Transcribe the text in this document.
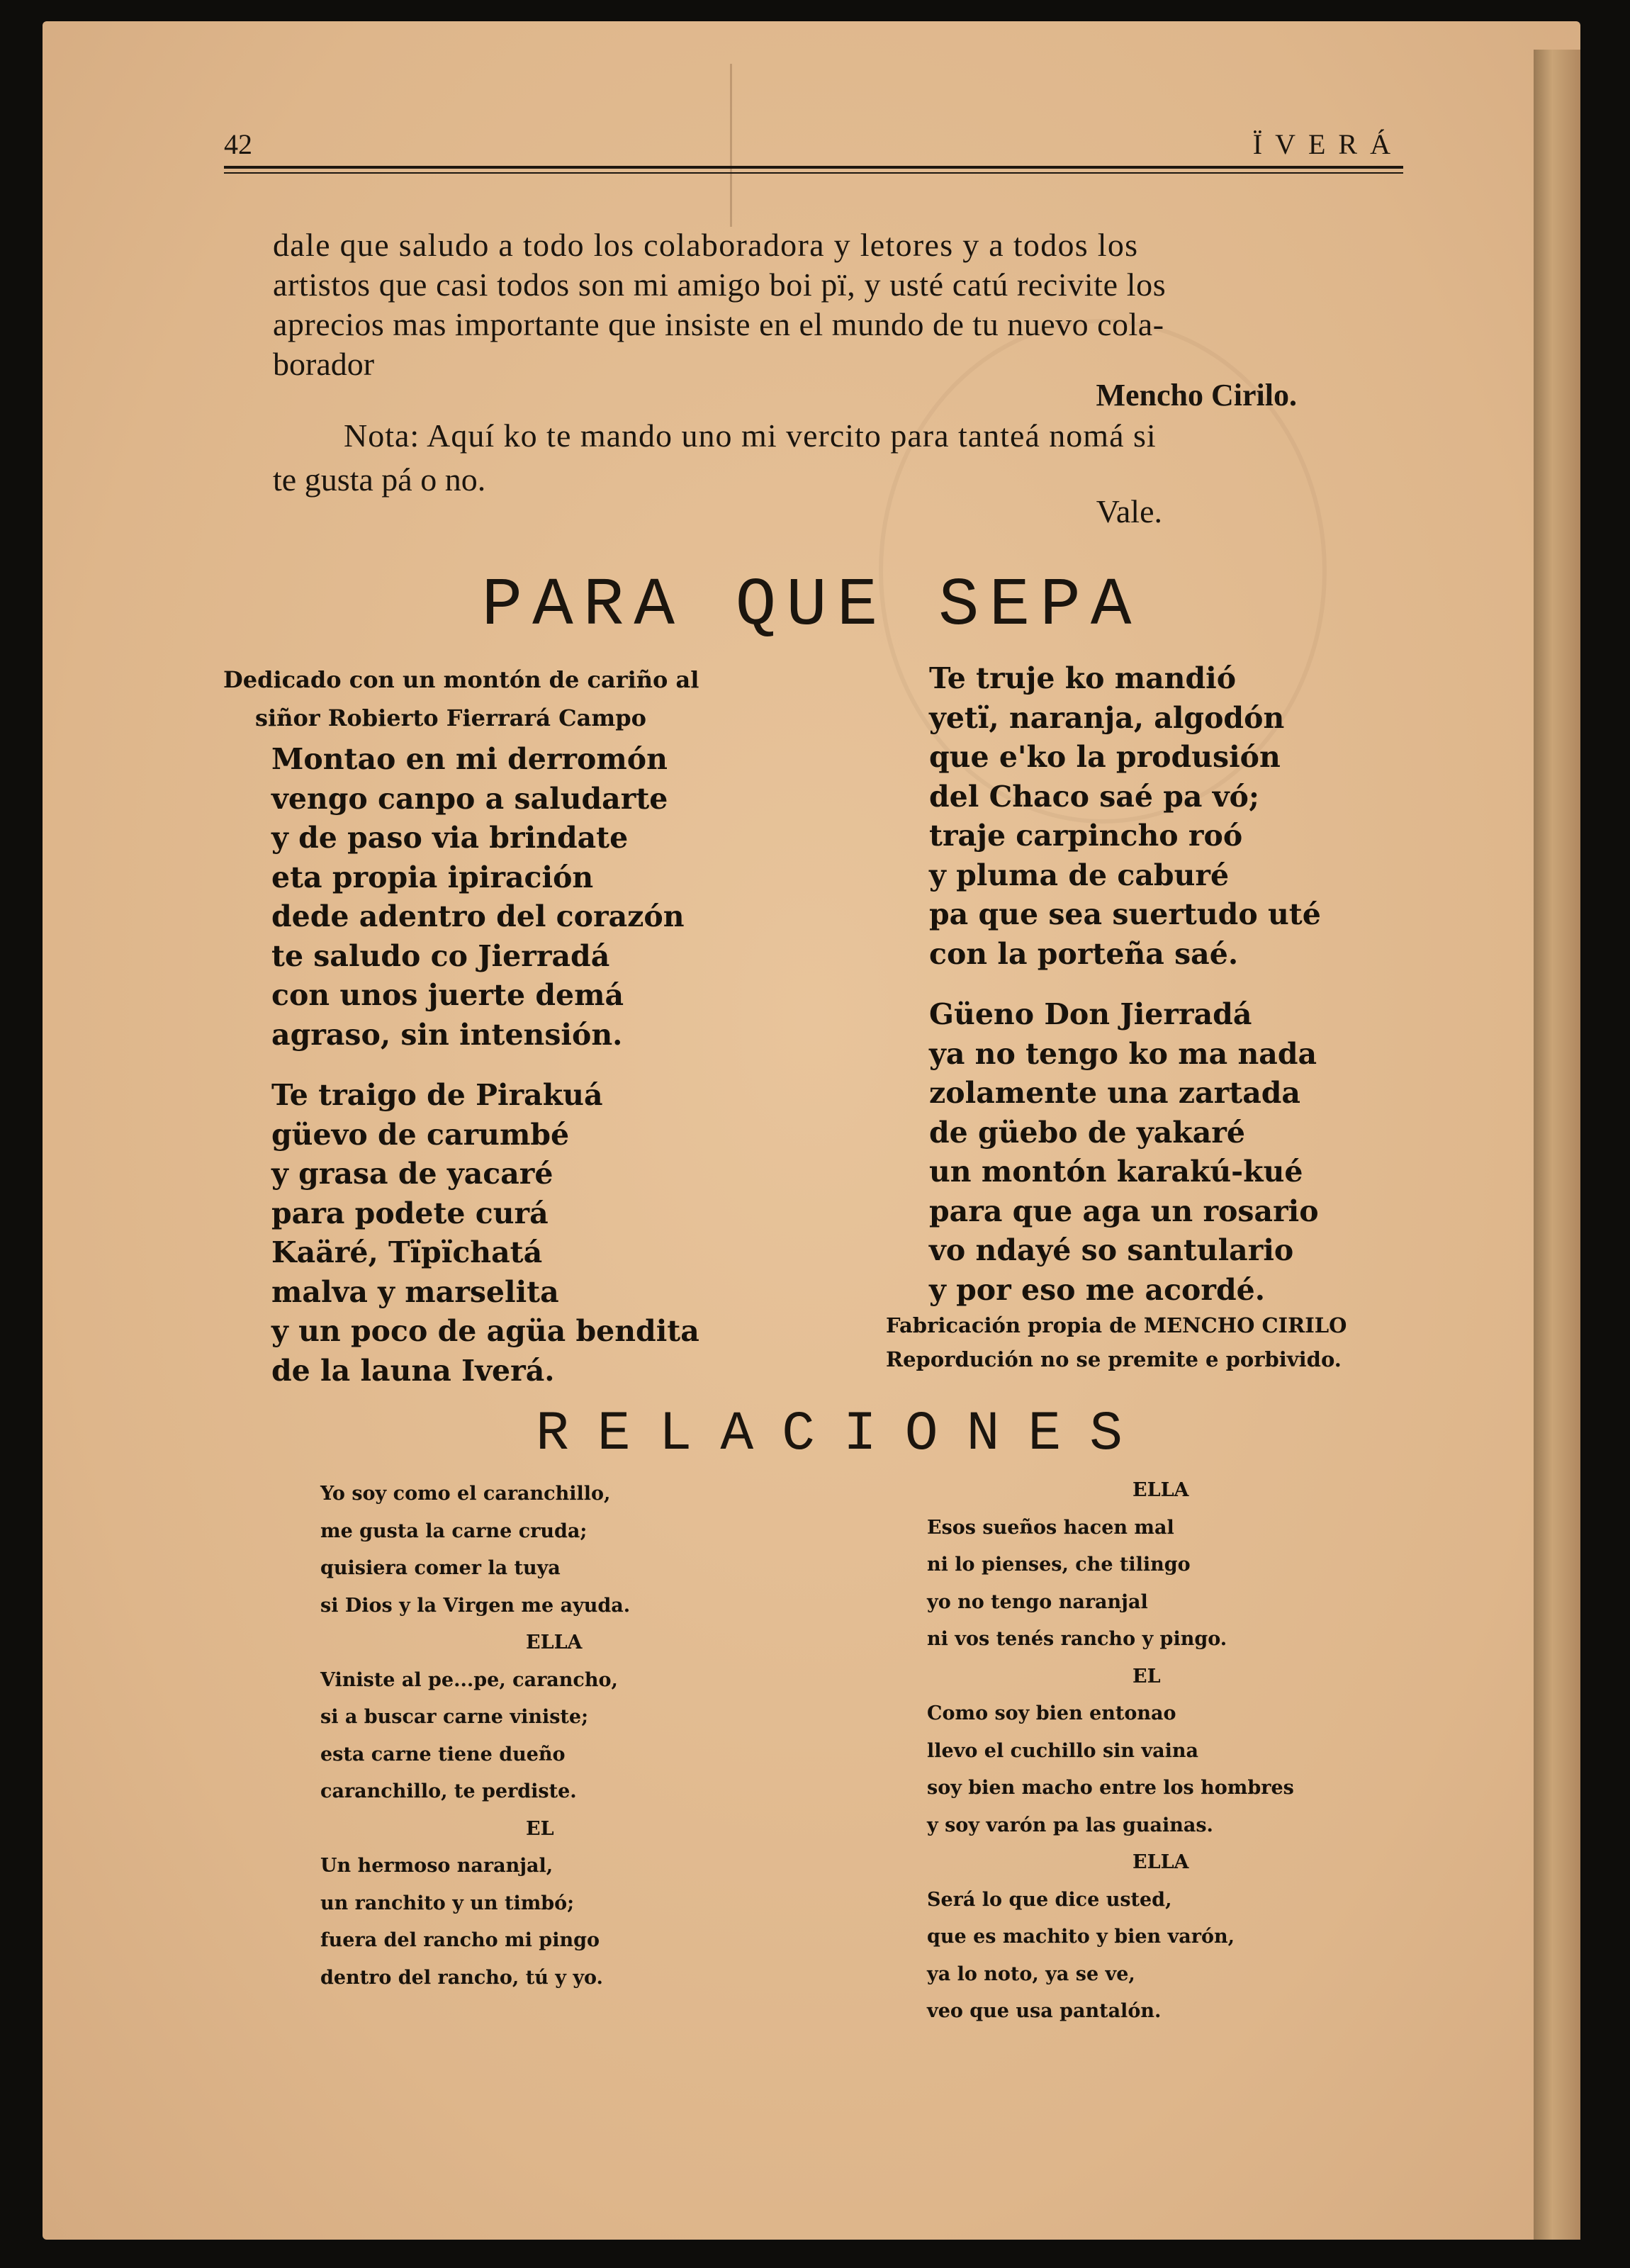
42	ÏVERÁ
dale que saludo a todo los colaboradora y letores y a todos los
artistos que casi todos son mi amigo boi pï, y usté catú recivite los
aprecios mas importante que insiste en el mundo de tu nuevo cola-
borador
Mencho Cirilo.
Nota: Aquí ko te mando uno mi vercito para tanteá nomá si
te gusta pá o no.
Vale.
PARA QUE SEPA
Dedicado con un montón de cariño al
siñor Robierto Fierrará Campo
Montao en mi derromón
vengo canpo a saludarte
y de paso via brindate
eta propia ipiración
dede adentro del corazón
te saludo co Jierradá
con unos juerte demá
agraso, sin intensión.
Te traigo de Pirakuá
güevo de carumbé
y grasa de yacaré
para podete curá
Kaäré, Tïpïchatá
malva y marselita
y un poco de agüa bendita
de la launa Iverá.
Te truje ko mandió
yetï, naranja, algodón
que e'ko la produsión
del Chaco saé pa vó;
traje carpincho roó
y pluma de caburé
pa que sea suertudo uté
con la porteña saé.
Güeno Don Jierradá
ya no tengo ko ma nada
zolamente una zartada
de güebo de yakaré
un montón karakú-kué
para que aga un rosario
vo ndayé so santulario
y por eso me acordé.
Fabricación propia de MENCHO CIRILO
Repordución no se premite e porbivido.
RELACIONES
Yo soy como el caranchillo,
me gusta la carne cruda;
quisiera comer la tuya
si Dios y la Virgen me ayuda.
ELLA
Viniste al pe...pe, carancho,
si a buscar carne viniste;
esta carne tiene dueño
caranchillo, te perdiste.
EL
Un hermoso naranjal,
un ranchito y un timbó;
fuera del rancho mi pingo
dentro del rancho, tú y yo.
ELLA
Esos sueños hacen mal
ni lo pienses, che tilingo
yo no tengo naranjal
ni vos tenés rancho y pingo.
EL
Como soy bien entonao
llevo el cuchillo sin vaina
soy bien macho entre los hombres
y soy varón pa las guainas.
ELLA
Será lo que dice usted,
que es machito y bien varón,
ya lo noto, ya se ve,
veo que usa pantalón.
